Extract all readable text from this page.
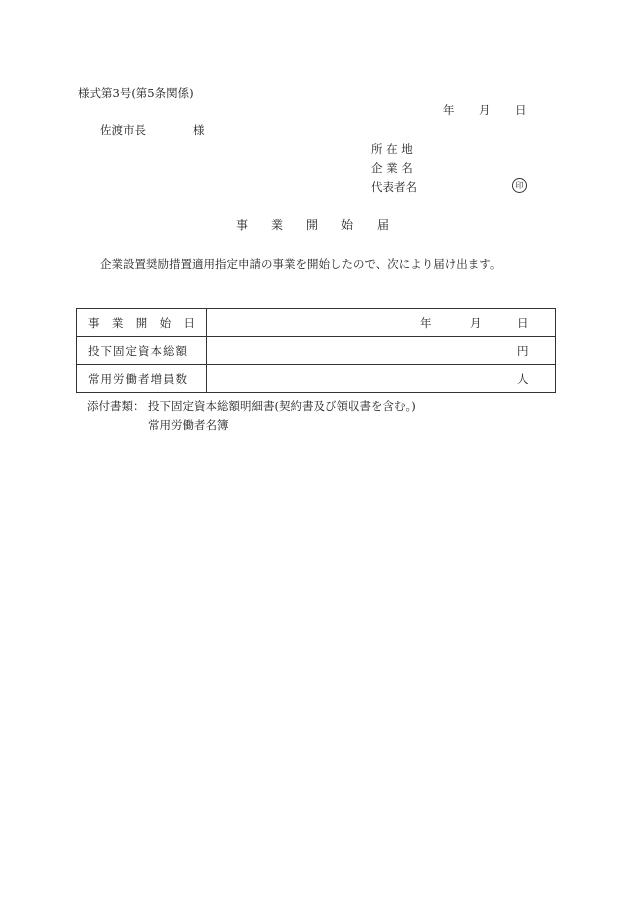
様式第3号(第5条関係)
年 月 日
佐渡市長	様
所 在 地
企 業 名
代表者名	印
事 業 開 始 届
企業設置奨励措置適用指定申請の事業を開始したので、次により届け出ます。
事 業 開 始 日	年 月 日

投下固定資本総額	円

常用労働者増員数	人
添付書類： 投下固定資本総額明細書(契約書及び領収書を含む。)
常用労働者名簿
